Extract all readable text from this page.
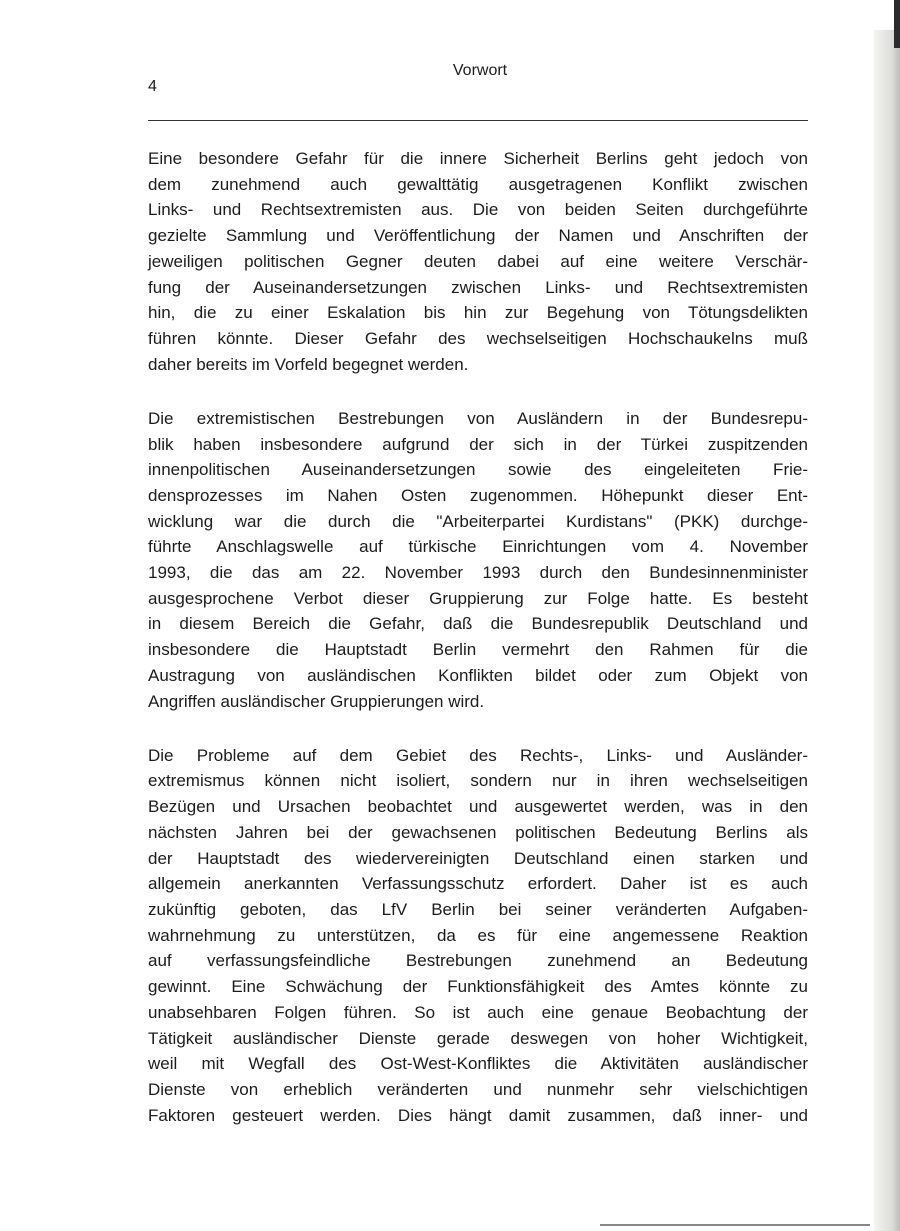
4
Vorwort

Eine besondere Gefahr für die innere Sicherheit Berlins geht jedoch von
dem zunehmend auch gewalttätig ausgetragenen Konflikt zwischen
Links- und Rechtsextremisten aus. Die von beiden Seiten durchgeführte
gezielte Sammlung und Veröffentlichung der Namen und Anschriften der
jeweiligen politischen Gegner deuten dabei auf eine weitere Verschär-
fung der Auseinandersetzungen zwischen Links- und Rechtsextremisten
hin, die zu einer Eskalation bis hin zur Begehung von Tötungsdelikten
führen könnte. Dieser Gefahr des wechselseitigen Hochschaukelns muß
daher bereits im Vorfeld begegnet werden.

Die extremistischen Bestrebungen von Ausländern in der Bundesrepu-
blik haben insbesondere aufgrund der sich in der Türkei zuspitzenden
innenpolitischen Auseinandersetzungen sowie des eingeleiteten Frie-
densprozesses im Nahen Osten zugenommen. Höhepunkt dieser Ent-
wicklung war die durch die "Arbeiterpartei Kurdistans" (PKK) durchge-
führte Anschlagswelle auf türkische Einrichtungen vom 4. November
1993, die das am 22. November 1993 durch den Bundesinnenminister
ausgesprochene Verbot dieser Gruppierung zur Folge hatte. Es besteht
in diesem Bereich die Gefahr, daß die Bundesrepublik Deutschland und
insbesondere die Hauptstadt Berlin vermehrt den Rahmen für die
Austragung von ausländischen Konflikten bildet oder zum Objekt von
Angriffen ausländischer Gruppierungen wird.

Die Probleme auf dem Gebiet des Rechts-, Links- und Ausländer-
extremismus können nicht isoliert, sondern nur in ihren wechselseitigen
Bezügen und Ursachen beobachtet und ausgewertet werden, was in den
nächsten Jahren bei der gewachsenen politischen Bedeutung Berlins als
der Hauptstadt des wiedervereinigten Deutschland einen starken und
allgemein anerkannten Verfassungsschutz erfordert. Daher ist es auch
zukünftig geboten, das LfV Berlin bei seiner veränderten Aufgaben-
wahrnehmung zu unterstützen, da es für eine angemessene Reaktion
auf verfassungsfeindliche Bestrebungen zunehmend an Bedeutung
gewinnt. Eine Schwächung der Funktionsfähigkeit des Amtes könnte zu
unabsehbaren Folgen führen. So ist auch eine genaue Beobachtung der
Tätigkeit ausländischer Dienste gerade deswegen von hoher Wichtigkeit,
weil mit Wegfall des Ost-West-Konfliktes die Aktivitäten ausländischer
Dienste von erheblich veränderten und nunmehr sehr vielschichtigen
Faktoren gesteuert werden. Dies hängt damit zusammen, daß inner- und
